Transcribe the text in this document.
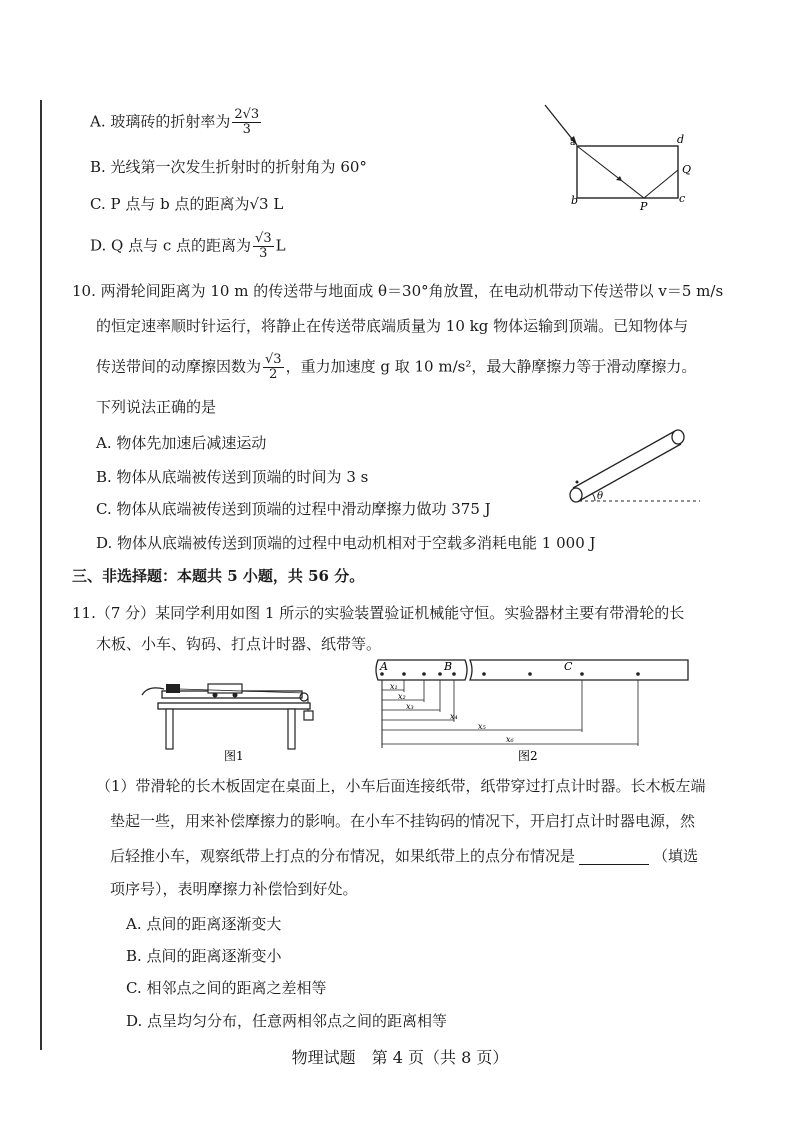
A. 玻璃砖的折射率为 $\frac{2√3}{3}$
B. 光线第一次发生折射时的折射角为 60°
C. P 点与 b 点的距离为√3 L
D. Q 点与 c 点的距离为 $\frac{√3}{3}$ L
a	d
Q
b	P
c
10. 两滑轮间距离为 10 m 的传送带与地面成 θ＝30°角放置，在电动机带动下传送带以 v＝5 m/s
的恒定速率顺时针运行，将静止在传送带底端质量为 10 kg 物体运输到顶端。已知物体与
传送带间的动摩擦因数为 $\frac{√3}{2}$ ，重力加速度 g 取 10 m/s²，最大静摩擦力等于滑动摩擦力。
下列说法正确的是
A. 物体先加速后减速运动
B. 物体从底端被传送到顶端的时间为 3 s
C. 物体从底端被传送到顶端的过程中滑动摩擦力做功 375 J
D. 物体从底端被传送到顶端的过程中电动机相对于空载多消耗电能 1 000 J
θ
三、非选择题：本题共 5 小题，共 56 分。
11.（7 分）某同学利用如图 1 所示的实验装置验证机械能守恒。实验器材主要有带滑轮的长
木板、小车、钩码、打点计时器、纸带等。
图1
A	B	C
x₁
x₂
x₃
x₄
x₅
x₆
图2
（1）带滑轮的长木板固定在桌面上，小车后面连接纸带，纸带穿过打点计时器。长木板左端
垫起一些，用来补偿摩擦力的影响。在小车不挂钩码的情况下，开启打点计时器电源，然
后轻推小车，观察纸带上打点的分布情况，如果纸带上的点分布情况是	（填选
项序号），表明摩擦力补偿恰到好处。
A. 点间的距离逐渐变大
B. 点间的距离逐渐变小
C. 相邻点之间的距离之差相等
D. 点呈均匀分布，任意两相邻点之间的距离相等
物理试题　第 4 页（共 8 页）
